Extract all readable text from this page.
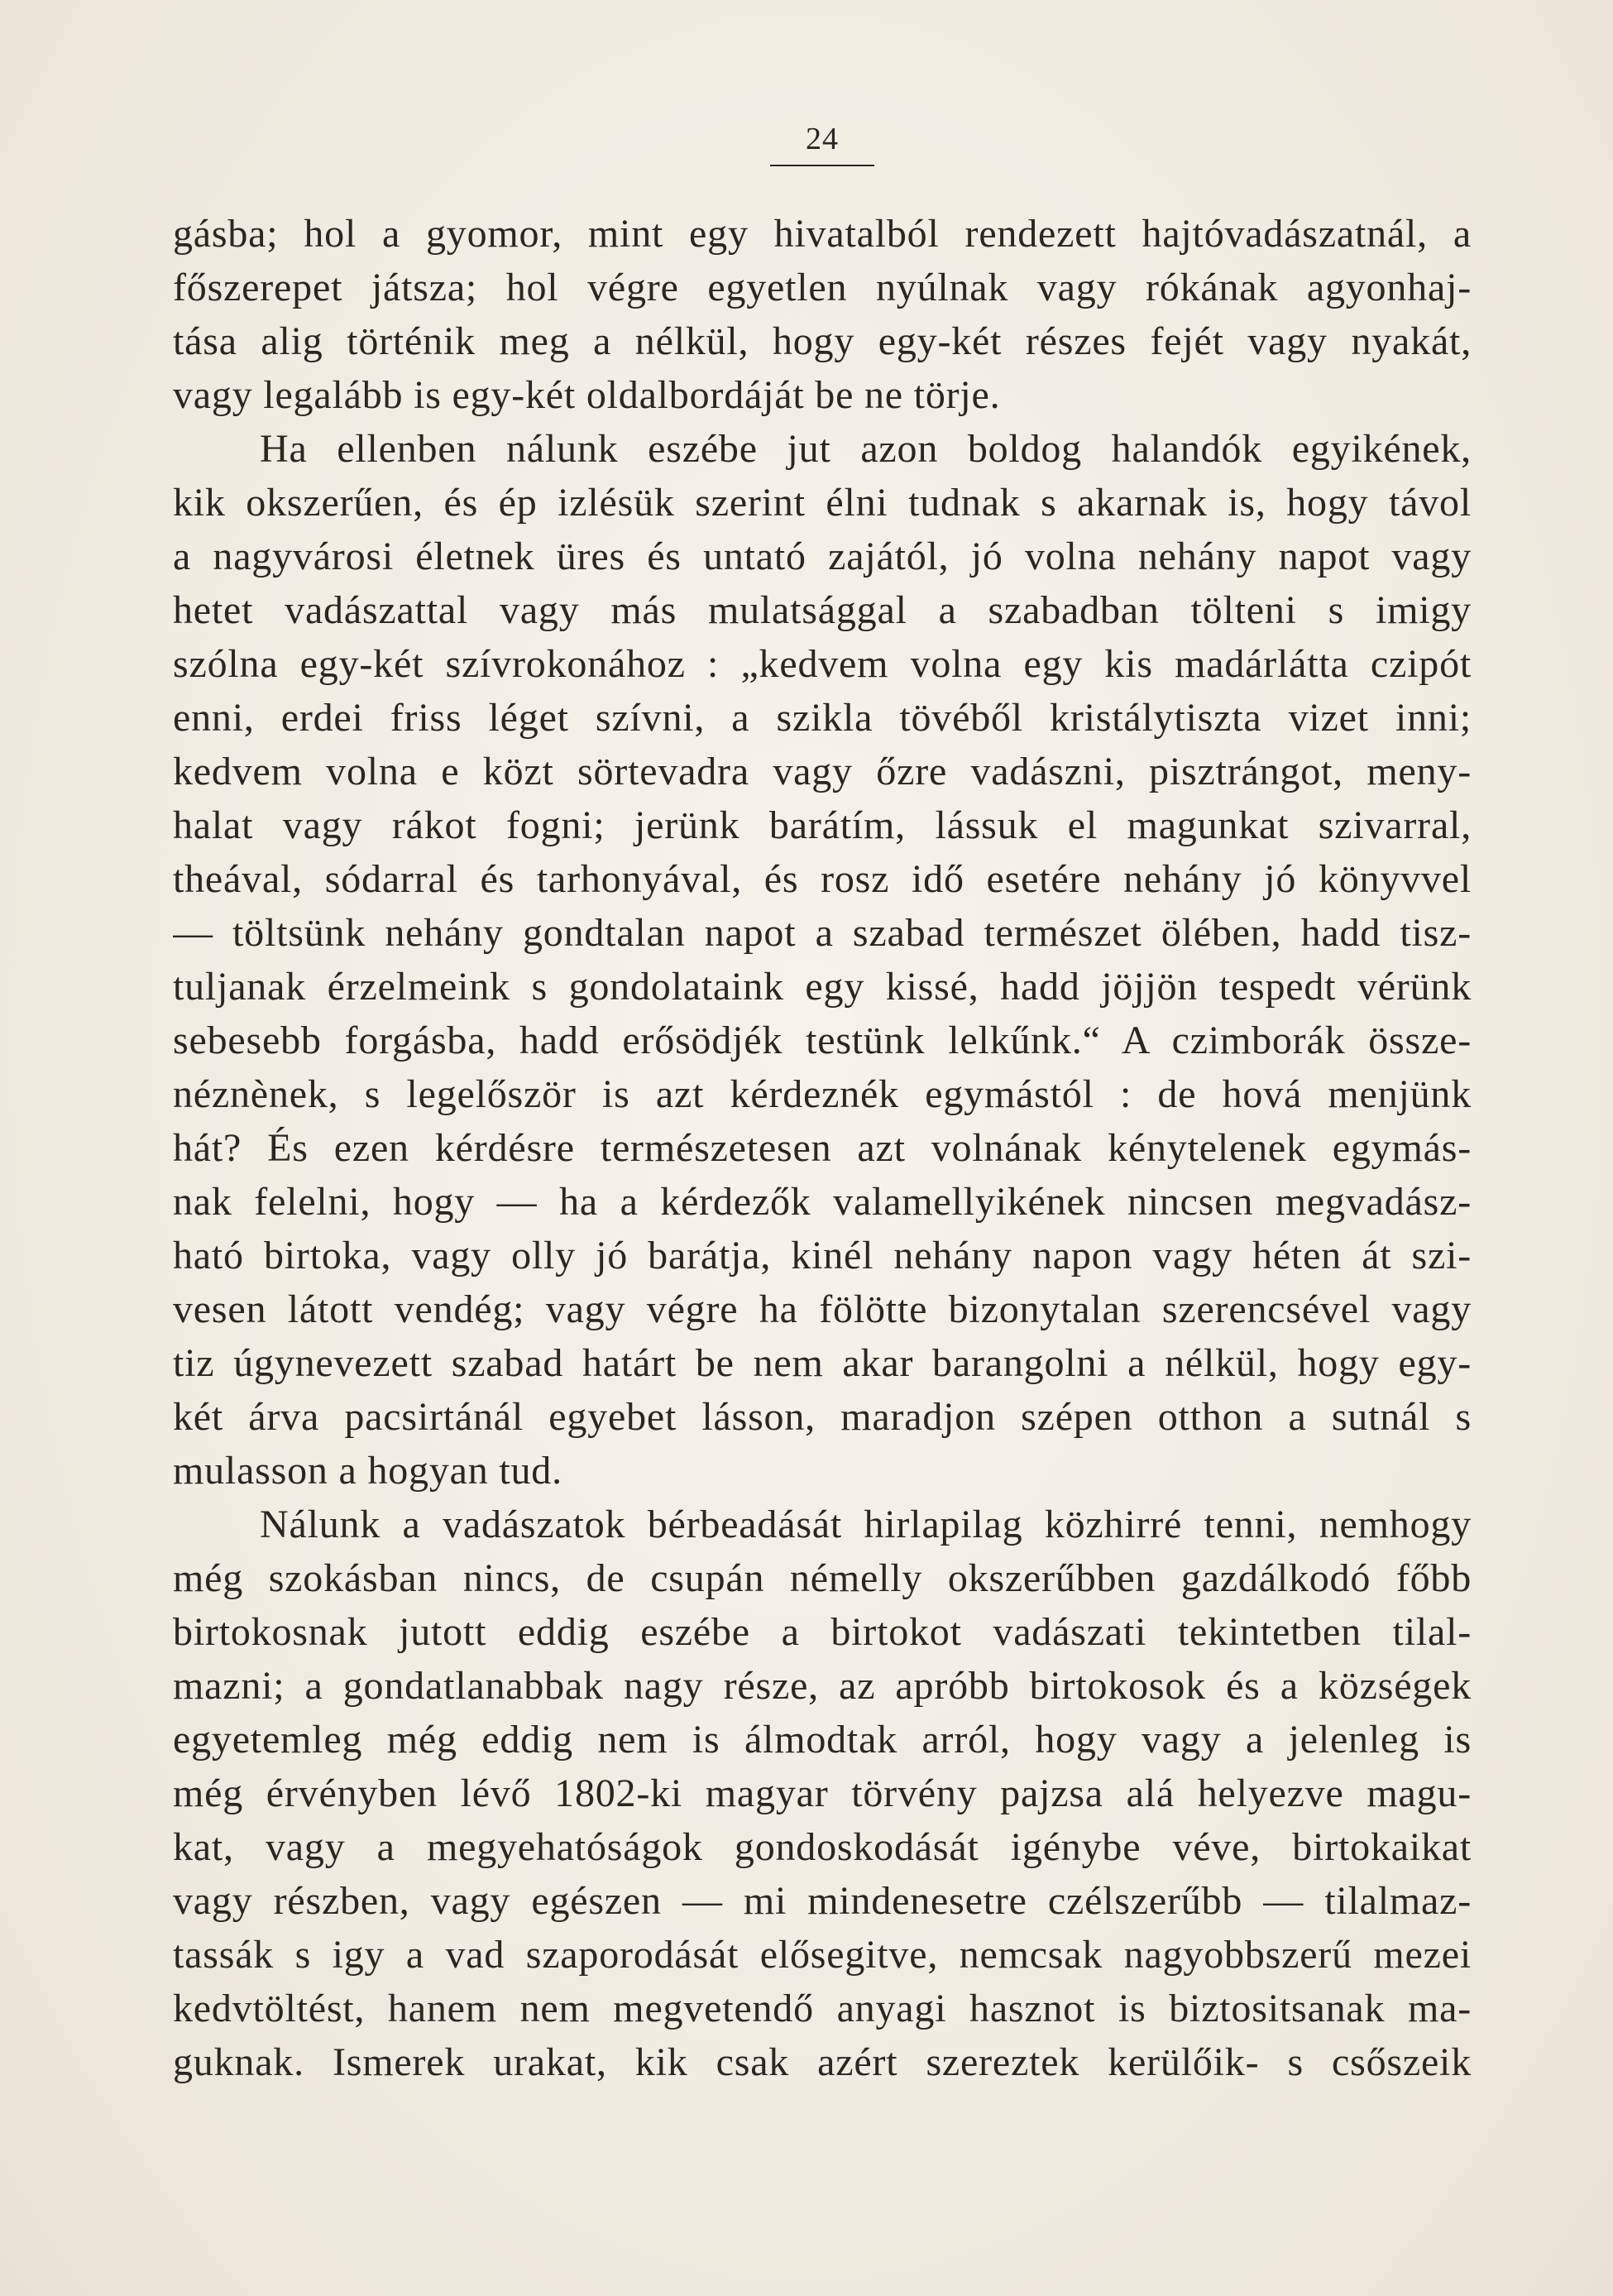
24
gásba; hol a gyomor, mint egy hivatalból rendezett hajtóvadászatnál, a
főszerepet játsza; hol végre egyetlen nyúlnak vagy rókának agyonhaj-
tása alig történik meg a nélkül, hogy egy-két részes fejét vagy nyakát,
vagy legalább is egy-két oldalbordáját be ne törje.
Ha ellenben nálunk eszébe jut azon boldog halandók egyikének,
kik okszerűen, és ép izlésük szerint élni tudnak s akarnak is, hogy távol
a nagyvárosi életnek üres és untató zajától, jó volna nehány napot vagy
hetet vadászattal vagy más mulatsággal a szabadban tölteni s imigy
szólna egy-két szívrokonához : „kedvem volna egy kis madárlátta czipót
enni, erdei friss léget szívni, a szikla tövéből kristálytiszta vizet inni;
kedvem volna e közt sörtevadra vagy őzre vadászni, pisztrángot, meny-
halat vagy rákot fogni; jerünk barátím, lássuk el magunkat szivarral,
theával, sódarral és tarhonyával, és rosz idő esetére nehány jó könyvvel
— töltsünk nehány gondtalan napot a szabad természet ölében, hadd tisz-
tuljanak érzelmeink s gondolataink egy kissé, hadd jöjjön tespedt vérünk
sebesebb forgásba, hadd erősödjék testünk lelkűnk.“ A czimborák össze-
néznènek, s legelőször is azt kérdeznék egymástól : de hová menjünk
hát? És ezen kérdésre természetesen azt volnának kénytelenek egymás-
nak felelni, hogy — ha a kérdezők valamellyikének nincsen megvadász-
ható birtoka, vagy olly jó barátja, kinél nehány napon vagy héten át szi-
vesen látott vendég; vagy végre ha fölötte bizonytalan szerencsével vagy
tiz úgynevezett szabad határt be nem akar barangolni a nélkül, hogy egy-
két árva pacsirtánál egyebet lásson, maradjon szépen otthon a sutnál s
mulasson a hogyan tud.
Nálunk a vadászatok bérbeadását hirlapilag közhirré tenni, nemhogy
még szokásban nincs, de csupán némelly okszerűbben gazdálkodó főbb
birtokosnak jutott eddig eszébe a birtokot vadászati tekintetben tilal-
mazni; a gondatlanabbak nagy része, az apróbb birtokosok és a községek
egyetemleg még eddig nem is álmodtak arról, hogy vagy a jelenleg is
még érvényben lévő 1802-ki magyar törvény pajzsa alá helyezve magu-
kat, vagy a megyehatóságok gondoskodását igénybe véve, birtokaikat
vagy részben, vagy egészen — mi mindenesetre czélszerűbb — tilalmaz-
tassák s igy a vad szaporodását elősegitve, nemcsak nagyobbszerű mezei
kedvtöltést, hanem nem megvetendő anyagi hasznot is biztositsanak ma-
guknak. Ismerek urakat, kik csak azért szereztek kerülőik- s csőszeik
